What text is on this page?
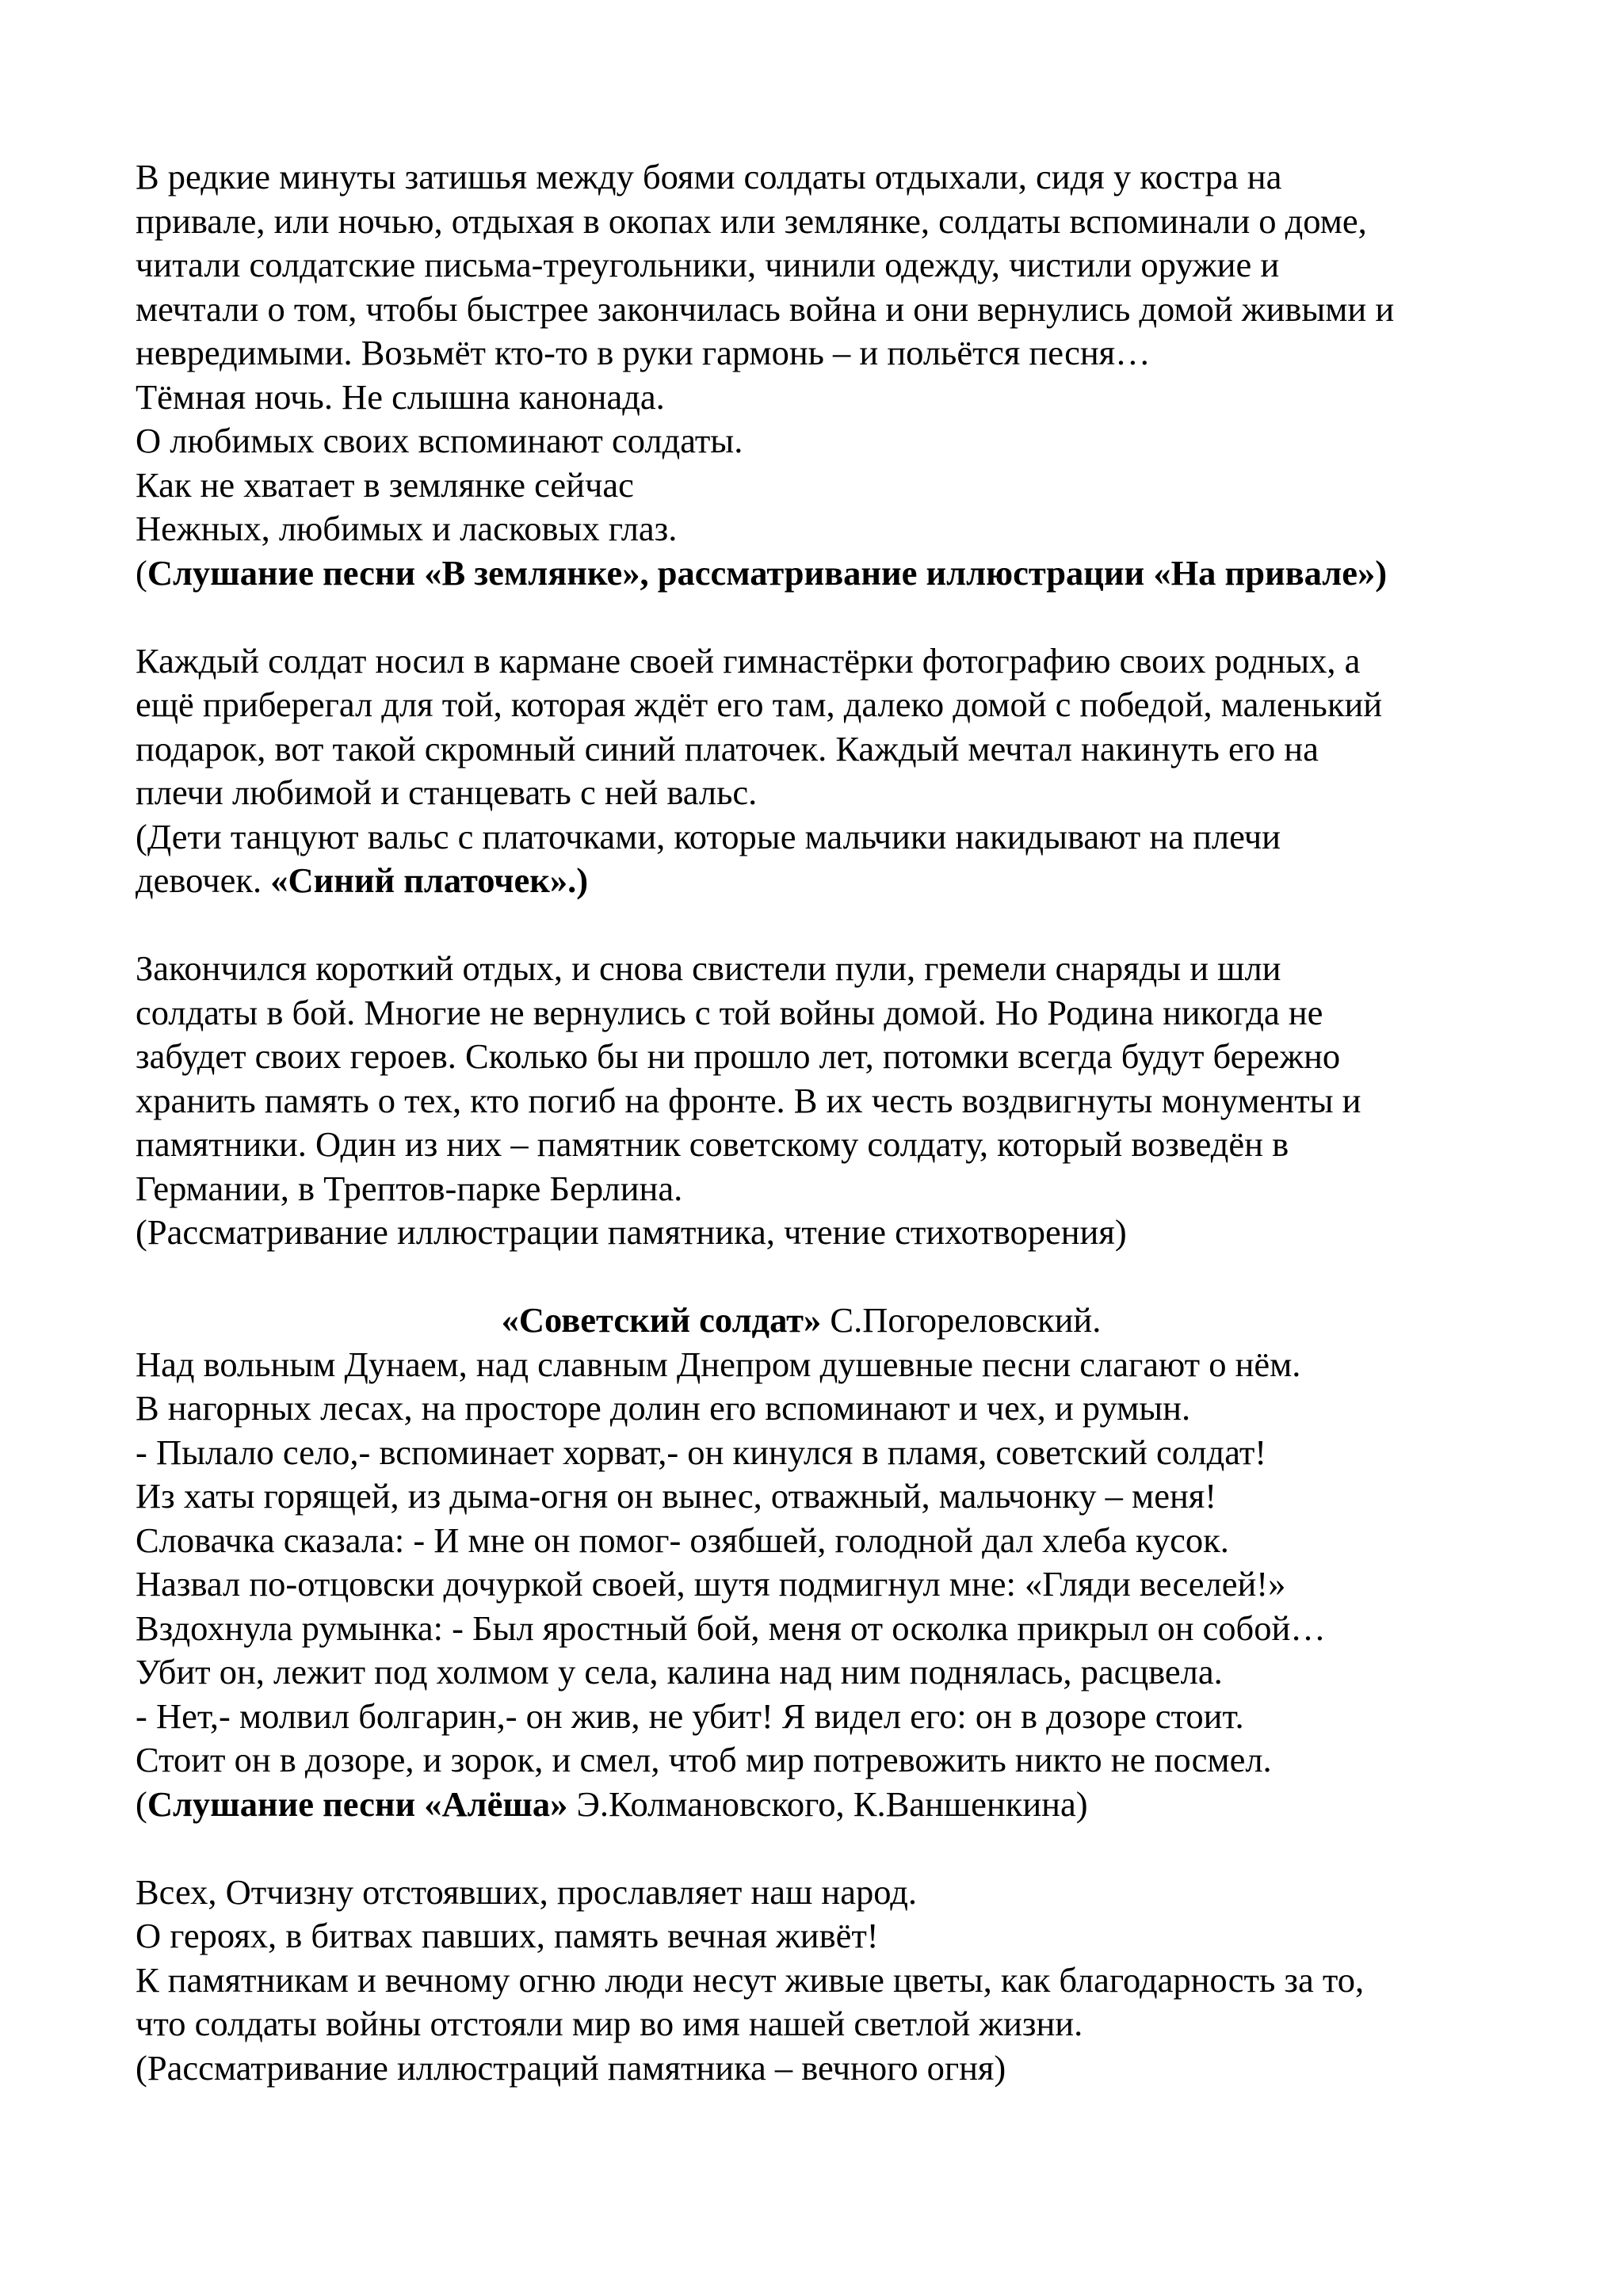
В редкие минуты затишья между боями солдаты отдыхали, сидя у костра на
привале, или ночью, отдыхая в окопах или землянке, солдаты вспоминали о доме,
читали солдатские письма-треугольники, чинили одежду, чистили оружие и
мечтали о том, чтобы быстрее закончилась война и они вернулись домой живыми и
невредимыми. Возьмёт кто-то в руки гармонь – и польётся песня…
Тёмная ночь. Не слышна канонада.
О любимых своих вспоминают солдаты.
Как не хватает в землянке сейчас
Нежных, любимых и ласковых глаз.
(Слушание песни «В землянке», рассматривание иллюстрации «На привале»)
Каждый солдат носил в кармане своей гимнастёрки фотографию своих родных, а
ещё приберегал для той, которая ждёт его там, далеко домой с победой, маленький
подарок, вот такой скромный синий платочек. Каждый мечтал накинуть его на
плечи любимой и станцевать с ней вальс.
(Дети танцуют вальс с платочками, которые мальчики накидывают на плечи
девочек. «Синий платочек».)
Закончился короткий отдых, и снова свистели пули, гремели снаряды и шли
солдаты в бой. Многие не вернулись с той войны домой. Но Родина никогда не
забудет своих героев. Сколько бы ни прошло лет, потомки всегда будут бережно
хранить память о тех, кто погиб на фронте. В их честь воздвигнуты монументы и
памятники. Один из них – памятник советскому солдату, который возведён в
Германии, в Трептов-парке Берлина.
(Рассматривание иллюстрации памятника, чтение стихотворения)
«Советский солдат» С.Погореловский.
Над вольным Дунаем, над славным Днепром душевные песни слагают о нём.
В нагорных лесах, на просторе долин его вспоминают и чех, и румын.
- Пылало село,- вспоминает хорват,- он кинулся в пламя, советский солдат!
Из хаты горящей, из дыма-огня он вынес, отважный, мальчонку – меня!
Словачка сказала: - И мне он помог- озябшей, голодной дал хлеба кусок.
Назвал по-отцовски дочуркой своей, шутя подмигнул мне: «Гляди веселей!»
Вздохнула румынка: - Был яростный бой, меня от осколка прикрыл он собой…
Убит он, лежит под холмом у села, калина над ним поднялась, расцвела.
- Нет,- молвил болгарин,- он жив, не убит! Я видел его: он в дозоре стоит.
Стоит он в дозоре, и зорок, и смел, чтоб мир потревожить никто не посмел.
(Слушание песни «Алёша» Э.Колмановского, К.Ваншенкина)
Всех, Отчизну отстоявших, прославляет наш народ.
О героях, в битвах павших, память вечная живёт!
К памятникам и вечному огню люди несут живые цветы, как благодарность за то,
что солдаты войны отстояли мир во имя нашей светлой жизни.
(Рассматривание иллюстраций памятника – вечного огня)
